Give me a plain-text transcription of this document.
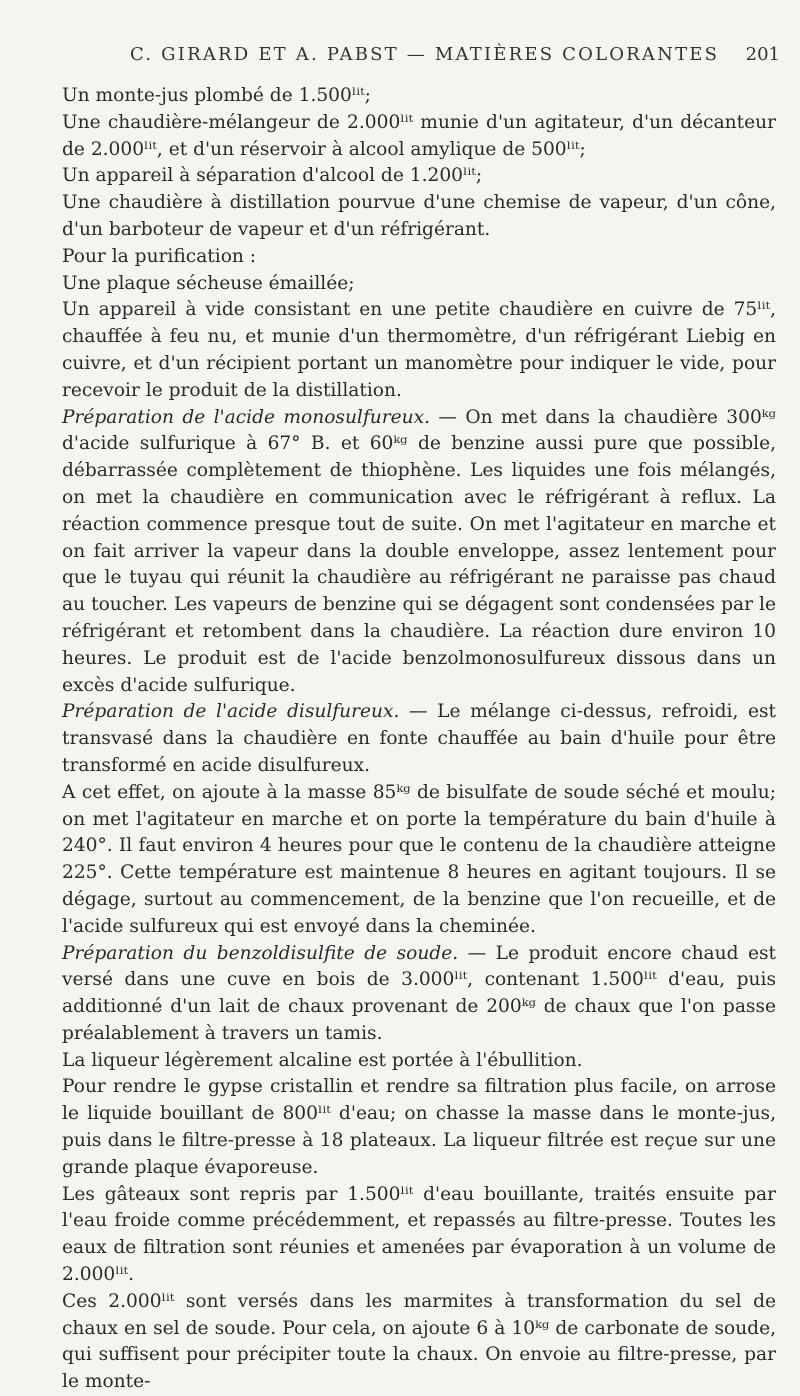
C. GIRARD ET A. PABST — MATIÈRES COLORANTES 201

Un monte-jus plombé de 1.500ˡⁱᵗ;

Une chaudière-mélangeur de 2.000ˡⁱᵗ munie d'un agitateur, d'un décanteur de 2.000ˡⁱᵗ, et d'un réservoir à alcool amylique de 500ˡⁱᵗ;

Un appareil à séparation d'alcool de 1.200ˡⁱᵗ;

Une chaudière à distillation pourvue d'une chemise de vapeur, d'un cône, d'un barboteur de vapeur et d'un réfrigérant.

Pour la purification :

Une plaque sécheuse émaillée;

Un appareil à vide consistant en une petite chaudière en cuivre de 75ˡⁱᵗ, chauffée à feu nu, et munie d'un thermomètre, d'un réfrigérant Liebig en cuivre, et d'un récipient portant un manomètre pour indiquer le vide, pour recevoir le produit de la distillation.

Préparation de l'acide monosulfureux. — On met dans la chaudière 300ᵏᵍ d'acide sulfurique à 67° B. et 60ᵏᵍ de benzine aussi pure que possible, débarrassée complètement de thiophène. Les liquides une fois mélangés, on met la chaudière en communication avec le réfrigérant à reflux. La réaction commence presque tout de suite. On met l'agitateur en marche et on fait arriver la vapeur dans la double enveloppe, assez lentement pour que le tuyau qui réunit la chaudière au réfrigérant ne paraisse pas chaud au toucher. Les vapeurs de benzine qui se dégagent sont condensées par le réfrigérant et retombent dans la chaudière. La réaction dure environ 10 heures. Le produit est de l'acide benzolmonosulfureux dissous dans un excès d'acide sulfurique.

Préparation de l'acide disulfureux. — Le mélange ci-dessus, refroidi, est transvasé dans la chaudière en fonte chauffée au bain d'huile pour être transformé en acide disulfureux.

A cet effet, on ajoute à la masse 85ᵏᵍ de bisulfate de soude séché et moulu; on met l'agitateur en marche et on porte la température du bain d'huile à 240°. Il faut environ 4 heures pour que le contenu de la chaudière atteigne 225°. Cette température est maintenue 8 heures en agitant toujours. Il se dégage, surtout au commencement, de la benzine que l'on recueille, et de l'acide sulfureux qui est envoyé dans la cheminée.

Préparation du benzoldisulfite de soude. — Le produit encore chaud est versé dans une cuve en bois de 3.000ˡⁱᵗ, contenant 1.500ˡⁱᵗ d'eau, puis additionné d'un lait de chaux provenant de 200ᵏᵍ de chaux que l'on passe préalablement à travers un tamis.

La liqueur légèrement alcaline est portée à l'ébullition.

Pour rendre le gypse cristallin et rendre sa filtration plus facile, on arrose le liquide bouillant de 800ˡⁱᵗ d'eau; on chasse la masse dans le monte-jus, puis dans le filtre-presse à 18 plateaux. La liqueur filtrée est reçue sur une grande plaque évaporeuse.

Les gâteaux sont repris par 1.500ˡⁱᵗ d'eau bouillante, traités ensuite par l'eau froide comme précédemment, et repassés au filtre-presse. Toutes les eaux de filtration sont réunies et amenées par évaporation à un volume de 2.000ˡⁱᵗ.

Ces 2.000ˡⁱᵗ sont versés dans les marmites à transformation du sel de chaux en sel de soude. Pour cela, on ajoute 6 à 10ᵏᵍ de carbonate de soude, qui suffisent pour précipiter toute la chaux. On envoie au filtre-presse, par le monte-
